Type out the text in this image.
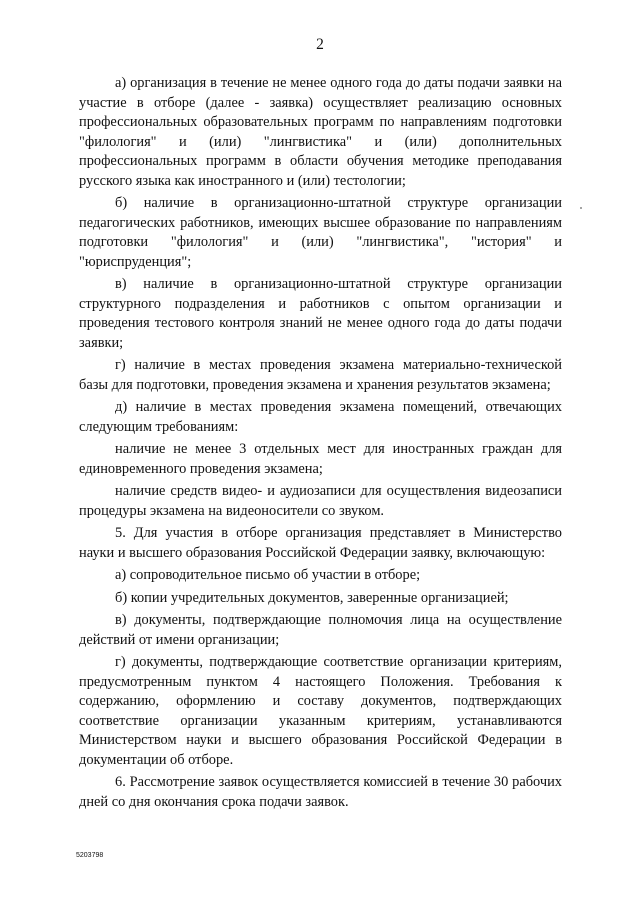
2

а) организация в течение не менее одного года до даты подачи заявки на участие в отборе (далее - заявка) осуществляет реализацию основных профессиональных образовательных программ по направлениям подготовки "филология" и (или) "лингвистика" и (или) дополнительных профессиональных программ в области обучения методике преподавания русского языка как иностранного и (или) тестологии;

б) наличие в организационно-штатной структуре организации педагогических работников, имеющих высшее образование по направлениям подготовки "филология" и (или) "лингвистика", "история" и "юриспруденция";

в) наличие в организационно-штатной структуре организации структурного подразделения и работников с опытом организации и проведения тестового контроля знаний не менее одного года до даты подачи заявки;

г) наличие в местах проведения экзамена материально-технической базы для подготовки, проведения экзамена и хранения результатов экзамена;

д) наличие в местах проведения экзамена помещений, отвечающих следующим требованиям:

наличие не менее 3 отдельных мест для иностранных граждан для единовременного проведения экзамена;

наличие средств видео- и аудиозаписи для осуществления видеозаписи процедуры экзамена на видеоносители со звуком.

5. Для участия в отборе организация представляет в Министерство науки и высшего образования Российской Федерации заявку, включающую:

а) сопроводительное письмо об участии в отборе;

б) копии учредительных документов, заверенные организацией;

в) документы, подтверждающие полномочия лица на осуществление действий от имени организации;

г) документы, подтверждающие соответствие организации критериям, предусмотренным пунктом 4 настоящего Положения. Требования к содержанию, оформлению и составу документов, подтверждающих соответствие организации указанным критериям, устанавливаются Министерством науки и высшего образования Российской Федерации в документации об отборе.

6. Рассмотрение заявок осуществляется комиссией в течение 30 рабочих дней со дня окончания срока подачи заявок.

5203798
